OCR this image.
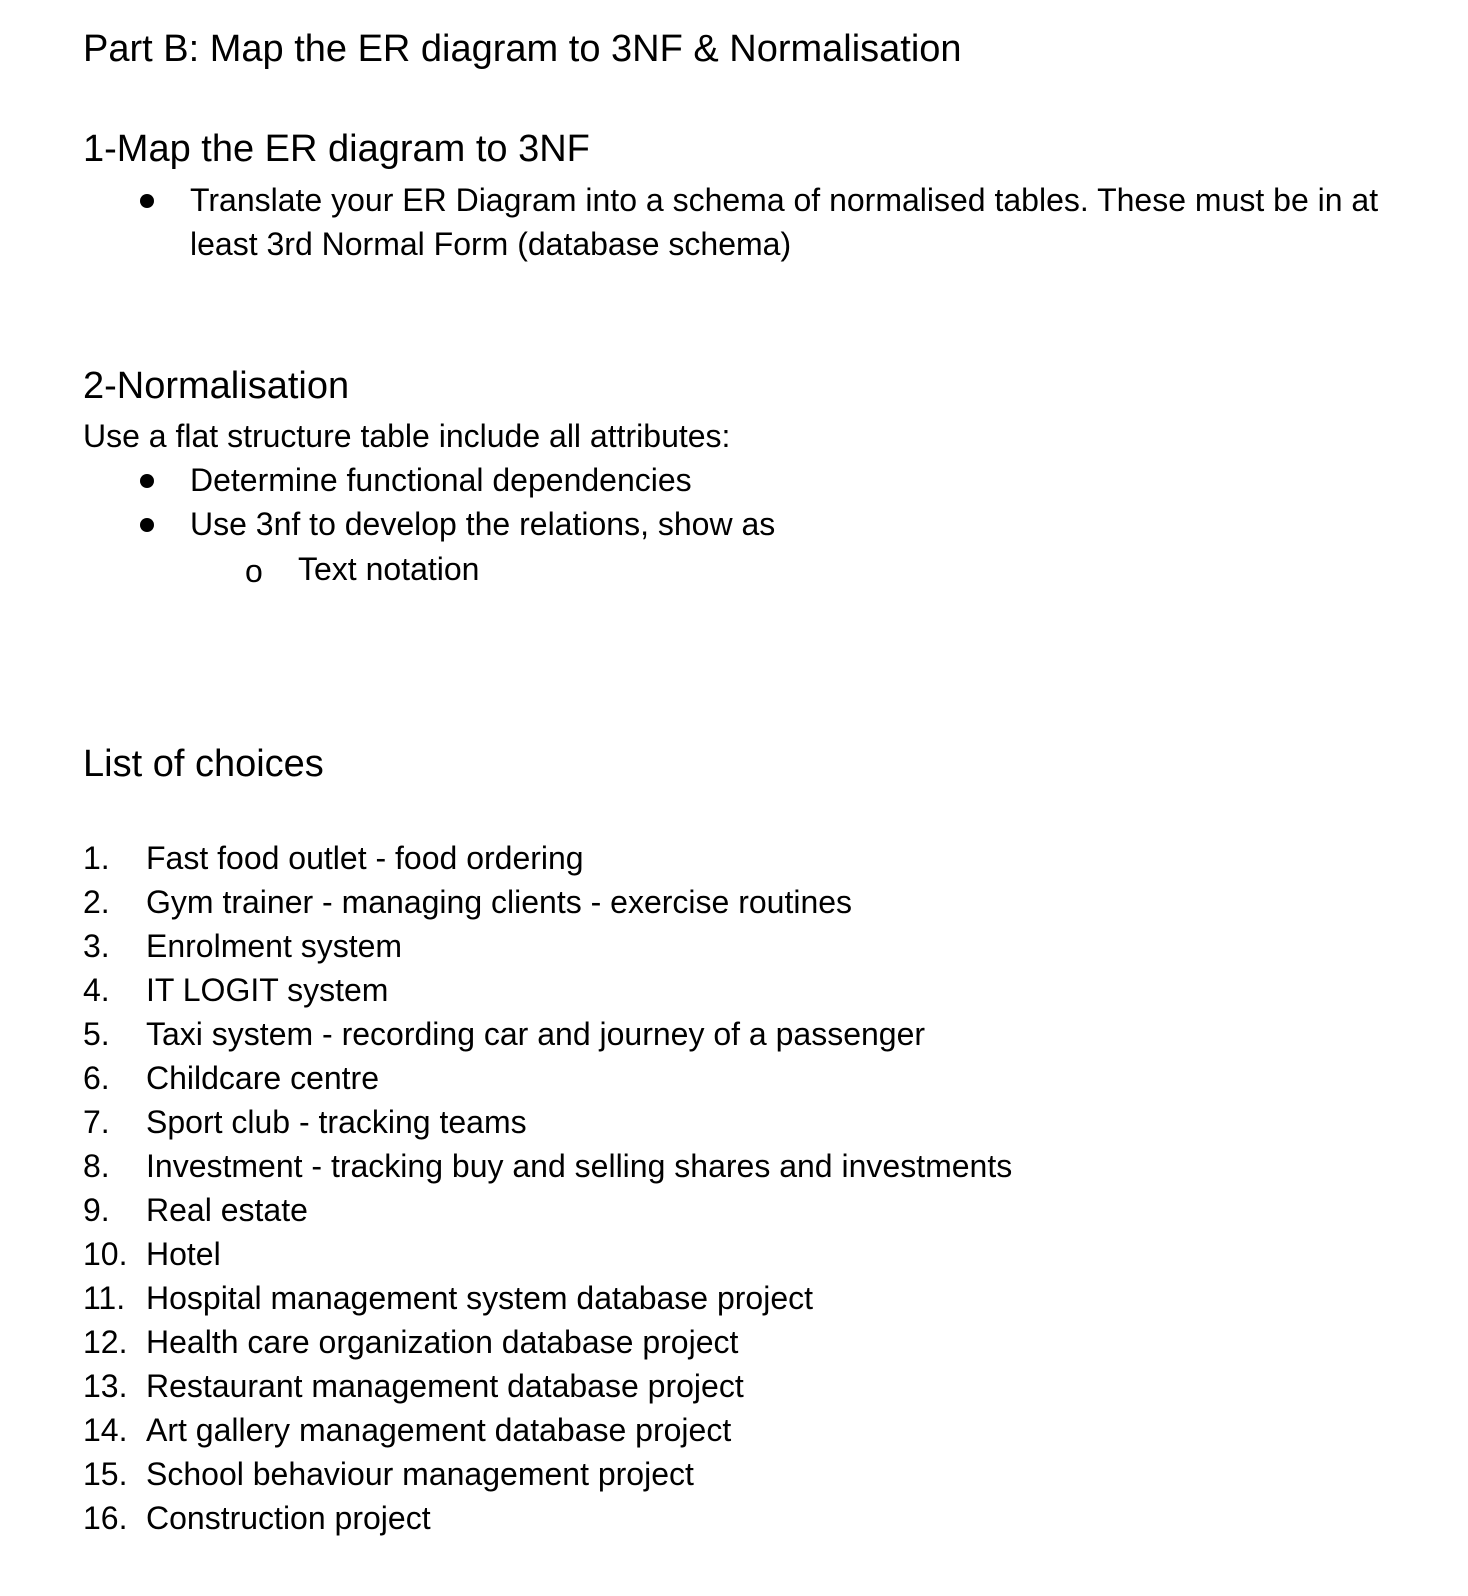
Part B: Map the ER diagram to 3NF & Normalisation
1-Map the ER diagram to 3NF
Translate your ER Diagram into a schema of normalised tables. These must be in at
least 3rd Normal Form (database schema)
2-Normalisation
Use a flat structure table include all attributes:
Determine functional dependencies
Use 3nf to develop the relations, show as
o Text notation
List of choices
1. Fast food outlet - food ordering
2. Gym trainer - managing clients - exercise routines
3. Enrolment system
4. IT LOGIT system
5. Taxi system - recording car and journey of a passenger
6. Childcare centre
7. Sport club - tracking teams
8. Investment - tracking buy and selling shares and investments
9. Real estate
10. Hotel
11. Hospital management system database project
12. Health care organization database project
13. Restaurant management database project
14. Art gallery management database project
15. School behaviour management project
16. Construction project
